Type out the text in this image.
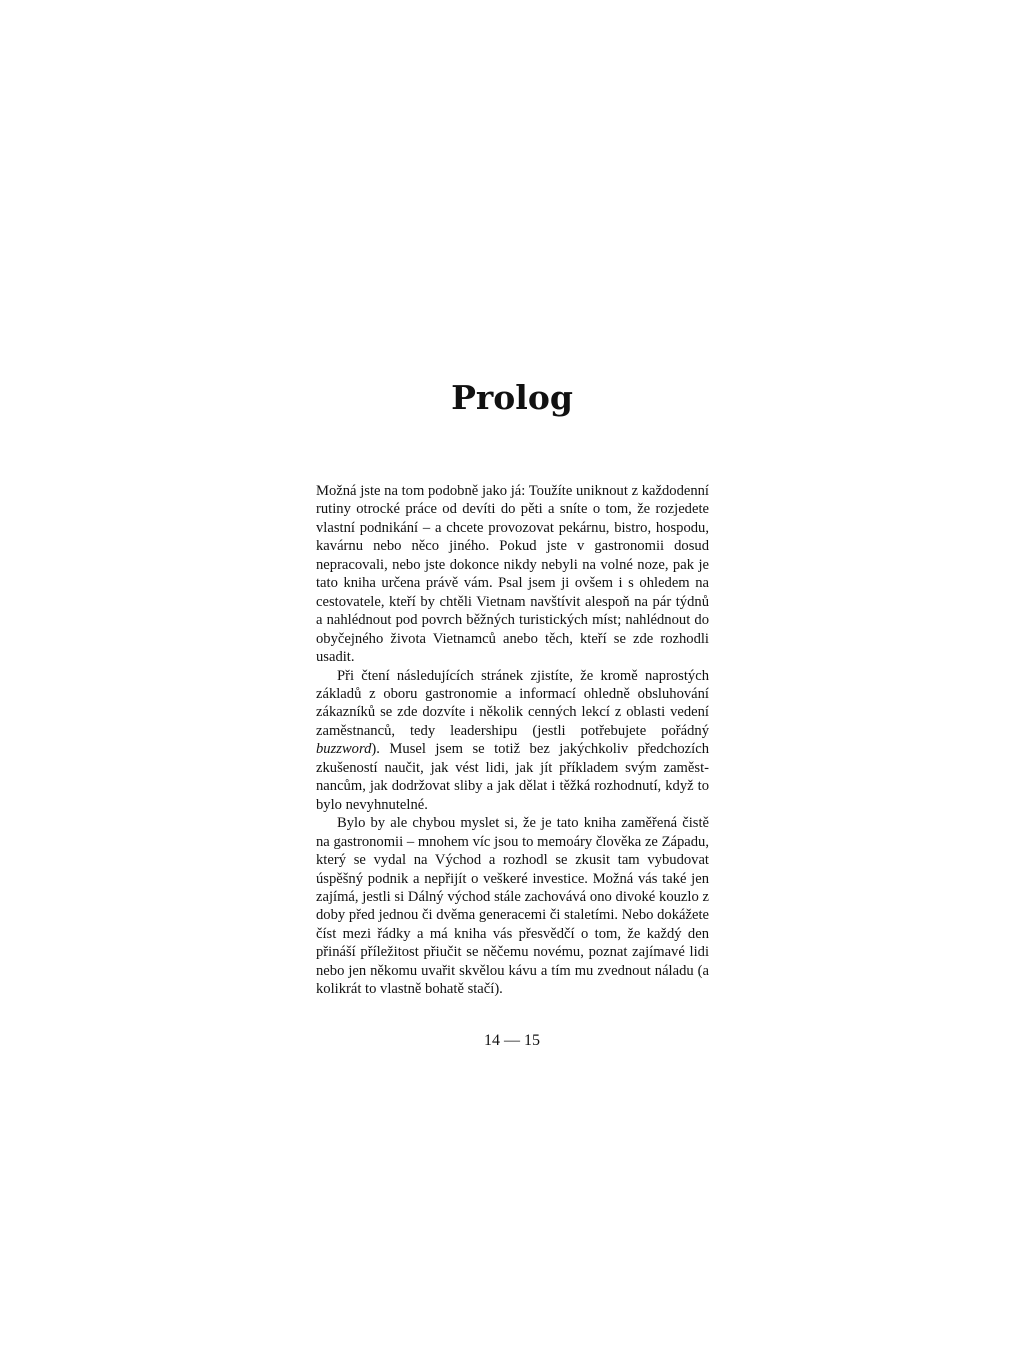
Prolog

Možná jste na tom podobně jako já: Toužíte uniknout z každodenní rutiny otrocké práce od devíti do pěti a sníte o tom, že rozjedete vlastní podnikání – a chcete provozovat pekárnu, bistro, hospodu, kavárnu nebo něco jiného. Pokud jste v gastronomii dosud nepracovali, nebo jste dokonce nikdy nebyli na volné noze, pak je tato kniha určena právě vám. Psal jsem ji ovšem i s ohledem na cestovatele, kteří by chtěli Vietnam navštívit alespoň na pár týdnů a nahlédnout pod povrch běžných turistických míst; nahlédnout do obyčejného života Vietnamců anebo těch, kteří se zde rozhodli usadit.

Při čtení následujících stránek zjistíte, že kromě naprostých základů z oboru gastronomie a informací ohledně obsluhování zákazníků se zde dozvíte i několik cenných lekcí z oblasti vedení zaměstnanců, tedy leadershipu (jestli potřebujete pořádný buzzword). Musel jsem se totiž bez jakýchkoliv předchozích zkušeností naučit, jak vést lidi, jak jít příkladem svým zaměstnancům, jak dodržovat sliby a jak dělat i těžká rozhodnutí, když to bylo nevyhnutelné.

Bylo by ale chybou myslet si, že je tato kniha zaměřená čistě na gastronomii – mnohem víc jsou to memoáry člověka ze Západu, který se vydal na Východ a rozhodl se zkusit tam vybudovat úspěšný podnik a nepřijít o veškeré investice. Možná vás také jen zajímá, jestli si Dálný východ stále zachovává ono divoké kouzlo z doby před jednou či dvěma generacemi či staletími. Nebo dokážete číst mezi řádky a má kniha vás přesvědčí o tom, že každý den přináší příležitost přiučit se něčemu novému, poznat zajímavé lidi nebo jen někomu uvařit skvělou kávu a tím mu zvednout náladu (a kolikrát to vlastně bohatě stačí).

14 — 15
